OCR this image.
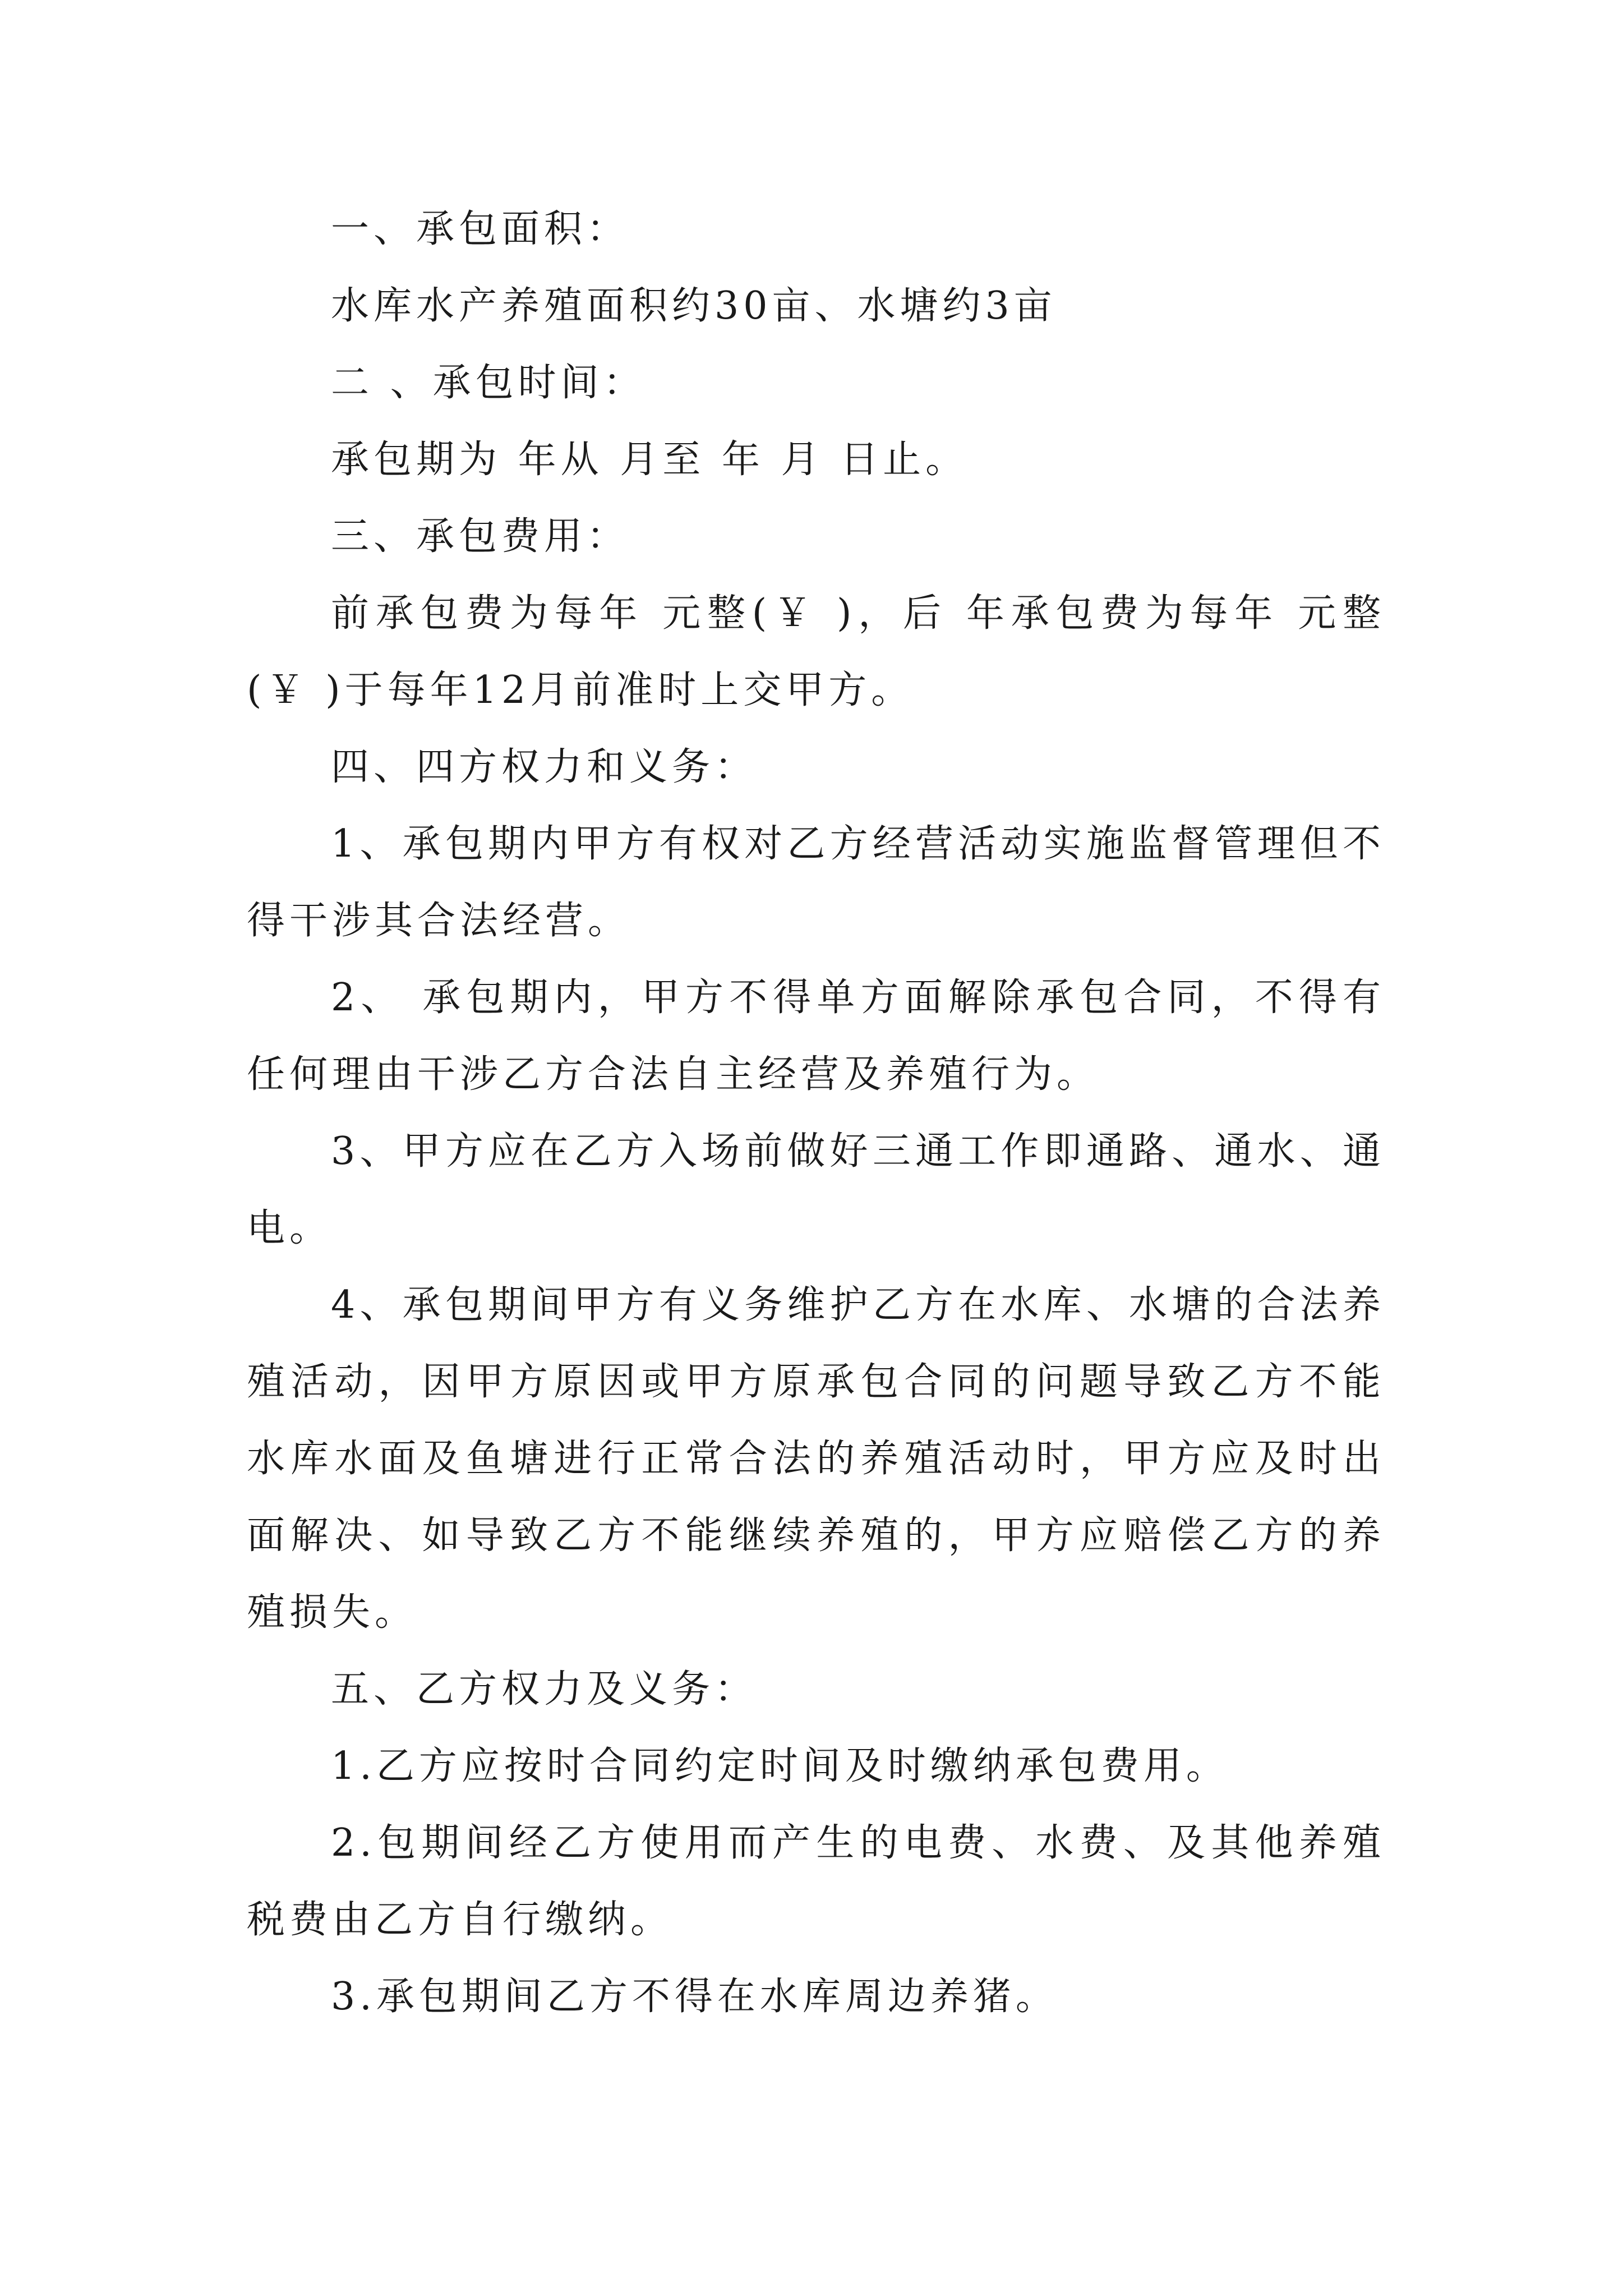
一、承包面积：

水库水产养殖面积约30亩、水塘约3亩

二 、承包时间：

承包期为 年从 月至 年 月 日止。

三、承包费用：

前承包费为每年 元整(￥ )，后 年承包费为每年 元整(￥ )于每年12月前准时上交甲方。

四、四方权力和义务：

1、承包期内甲方有权对乙方经营活动实施监督管理但不得干涉其合法经营。

2、 承包期内，甲方不得单方面解除承包合同，不得有任何理由干涉乙方合法自主经营及养殖行为。

3、甲方应在乙方入场前做好三通工作即通路、通水、通电。

4、承包期间甲方有义务维护乙方在水库、水塘的合法养殖活动，因甲方原因或甲方原承包合同的问题导致乙方不能水库水面及鱼塘进行正常合法的养殖活动时，甲方应及时出面解决、如导致乙方不能继续养殖的，甲方应赔偿乙方的养殖损失。

五、乙方权力及义务：

1.乙方应按时合同约定时间及时缴纳承包费用。

2.包期间经乙方使用而产生的电费、水费、及其他养殖税费由乙方自行缴纳。

3.承包期间乙方不得在水库周边养猪。
